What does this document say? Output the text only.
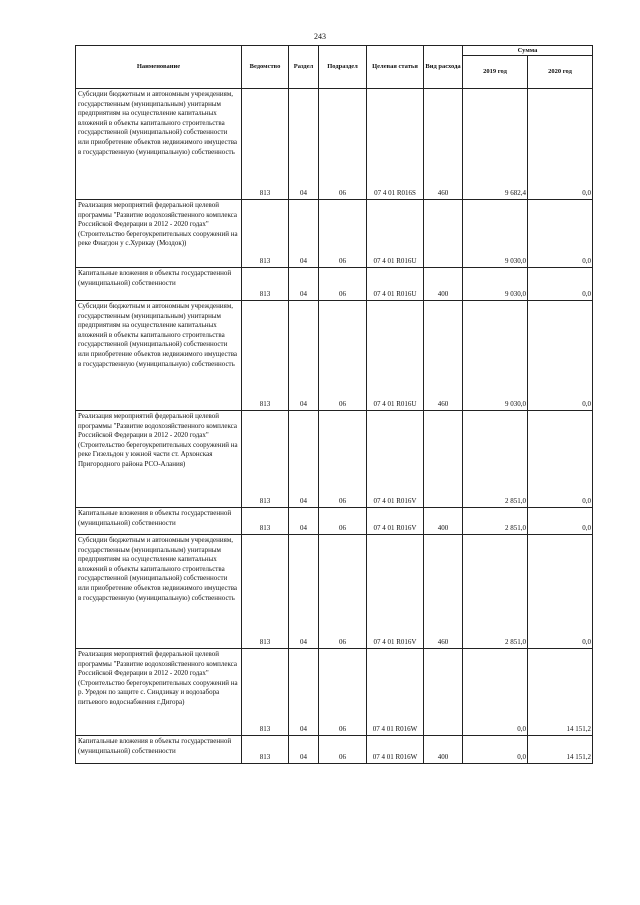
243
Наименование	Ведомство	Раздел	Подраздел	Целевая статья	Вид расхода	Сумма	
						2019 год	2020 год
Субсидии бюджетным и автономным учреждениям, государственным (муниципальным) унитарным предприятиям на осуществление капитальных вложений в объекты капитального строительства государственной (муниципальной) собственности или приобретение объектов недвижимого имущества в государственную (муниципальную) собственность	813	04	06	07 4 01 R016S	460	9 682,4	0,0
Реализация мероприятий федеральной целевой программы "Развитие водохозяйственного комплекса Российской Федерации в 2012 - 2020 годах" (Строительство берегоукрепительных сооружений на реке Фиагдон у с.Хурикау (Моздок))	813	04	06	07 4 01 R016U		9 030,0	0,0
Капитальные вложения в объекты государственной (муниципальной) собственности	813	04	06	07 4 01 R016U	400	9 030,0	0,0
Субсидии бюджетным и автономным учреждениям, государственным (муниципальным) унитарным предприятиям на осуществление капитальных вложений в объекты капитального строительства государственной (муниципальной) собственности или приобретение объектов недвижимого имущества в государственную (муниципальную) собственность	813	04	06	07 4 01 R016U	460	9 030,0	0,0
Реализация мероприятий федеральной целевой программы "Развитие водохозяйственного комплекса Российской Федерации в 2012 - 2020 годах" (Строительство берегоукрепительных сооружений на реке Гизельдон у южной части ст. Архонская Пригородного района РСО-Алания)	813	04	06	07 4 01 R016V		2 851,0	0,0
Капитальные вложения в объекты государственной (муниципальной) собственности	813	04	06	07 4 01 R016V	400	2 851,0	0,0
Субсидии бюджетным и автономным учреждениям, государственным (муниципальным) унитарным предприятиям на осуществление капитальных вложений в объекты капитального строительства государственной (муниципальной) собственности или приобретение объектов недвижимого имущества в государственную (муниципальную) собственность	813	04	06	07 4 01 R016V	460	2 851,0	0,0
Реализация мероприятий федеральной целевой программы "Развитие водохозяйственного комплекса Российской Федерации в 2012 - 2020 годах" (Строительство берегоукрепительных сооружений на р. Уредон по защите с. Синдзикау и водозабора питьевого водоснабжения г.Дигора)	813	04	06	07 4 01 R016W		0,0	14 151,2
Капитальные вложения в объекты государственной (муниципальной) собственности	813	04	06	07 4 01 R016W	400	0,0	14 151,2
